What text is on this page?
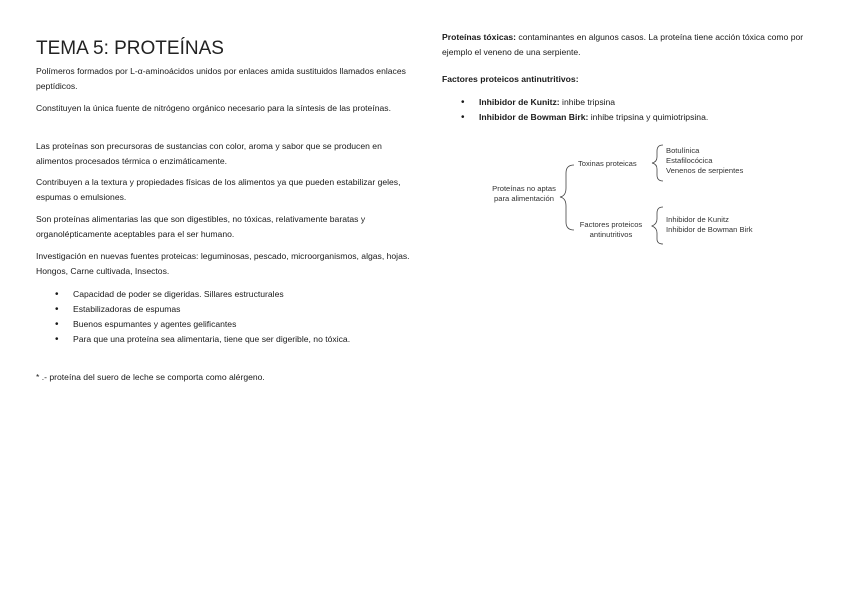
TEMA 5: PROTEÍNAS

Polímeros formados por L-α-aminoácidos unidos por enlaces amida sustituidos llamados enlaces peptídicos.

Constituyen la única fuente de nitrógeno orgánico necesario para la síntesis de las proteínas.

Las proteínas son precursoras de sustancias con color, aroma y sabor que se producen en alimentos procesados térmica o enzimáticamente.

Contribuyen a la textura y propiedades físicas de los alimentos ya que pueden estabilizar geles, espumas o emulsiones.

Son proteínas alimentarias las que son digestibles, no tóxicas, relativamente baratas y organolépticamente aceptables para el ser humano.

Investigación en nuevas fuentes proteicas: leguminosas, pescado, microorganismos, algas, hojas. Hongos, Carne cultivada, Insectos.

• Capacidad de poder se digeridas. Sillares estructurales
• Estabilizadoras de espumas
• Buenos espumantes y agentes gelificantes
• Para que una proteína sea alimentaria, tiene que ser digerible, no tóxica.

* .- proteína del suero de leche se comporta como alérgeno.

Proteínas tóxicas: contaminantes en algunos casos. La proteína tiene acción tóxica como por ejemplo el veneno de una serpiente.

Factores proteicos antinutritivos:

• Inhibidor de Kunitz: inhibe tripsina
• Inhibidor de Bowman Birk: inhibe tripsina y quimiotripsina.
Proteínas no aptas
para alimentación
Toxinas proteicas
Botulínica
Estafilocócica
Venenos de serpientes
Factores proteicos
antinutritivos
Inhibidor de Kunitz
Inhibidor de Bowman Birk
